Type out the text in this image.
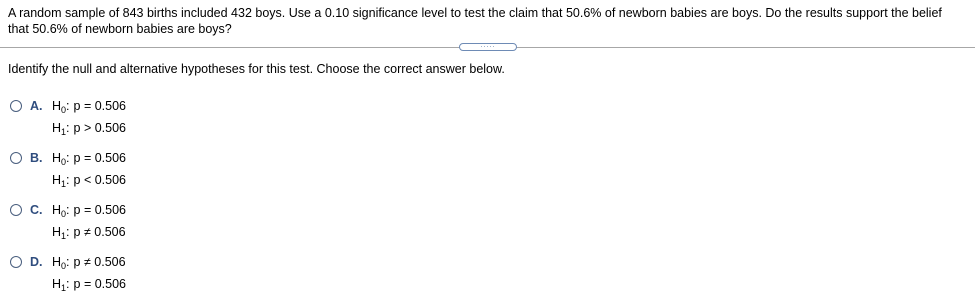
A random sample of 843 births included 432 boys. Use a 0.10 significance level to test the claim that 50.6% of newborn babies are boys. Do the results support the belief that 50.6% of newborn babies are boys?
.....
Identify the null and alternative hypotheses for this test. Choose the correct answer below.
A. $H_0$: p = 0.506
$H_1$: p > 0.506
B. $H_0$: p = 0.506
$H_1$: p < 0.506
C. $H_0$: p = 0.506
$H_1$: p ≠ 0.506
D. $H_0$: p ≠ 0.506
$H_1$: p = 0.506
